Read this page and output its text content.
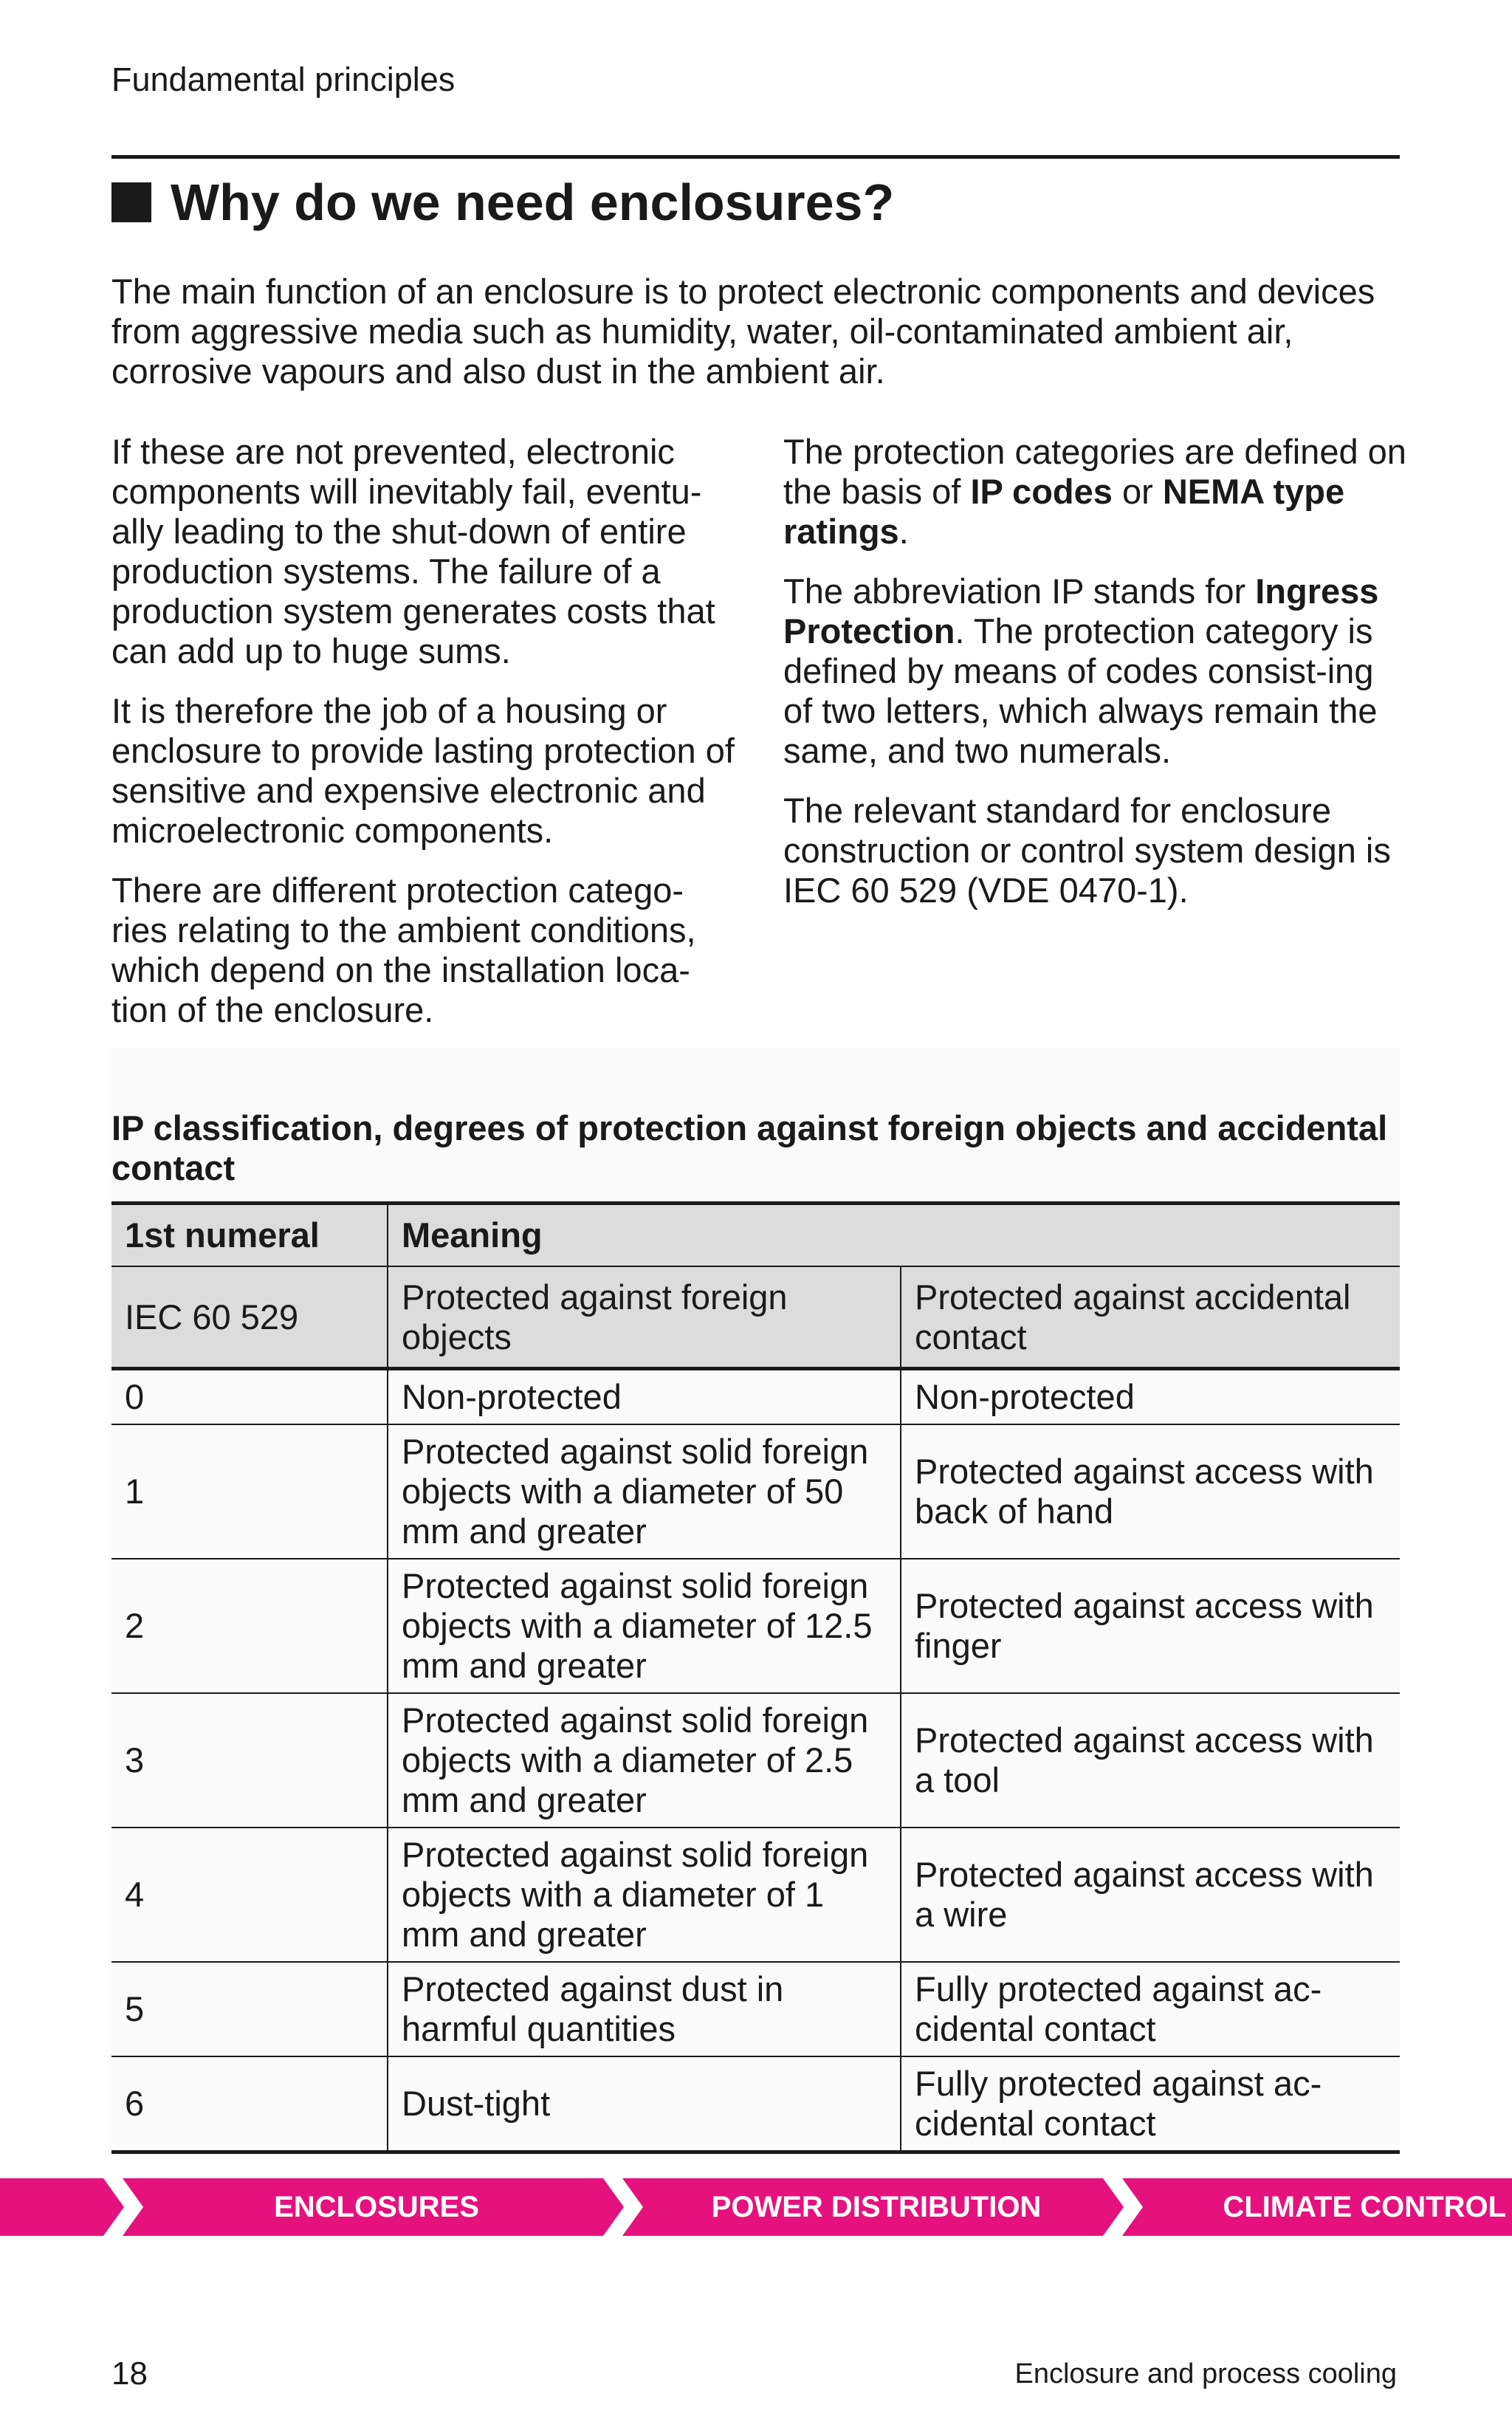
Fundamental principles
Why do we need enclosures?

The main function of an enclosure is to protect electronic components and devices from aggressive media such as humidity, water, oil-contaminated ambient air, corrosive vapours and also dust in the ambient air.

If these are not prevented, electronic components will inevitably fail, eventu-ally leading to the shut-down of entire production systems. The failure of a production system generates costs that can add up to huge sums.

It is therefore the job of a housing or enclosure to provide lasting protection of sensitive and expensive electronic and microelectronic components.

There are different protection catego-ries relating to the ambient conditions, which depend on the installation loca-tion of the enclosure.

The protection categories are defined on the basis of IP codes or NEMA type ratings.

The abbreviation IP stands for Ingress Protection. The protection category is defined by means of codes consist-ing of two letters, which always remain the same, and two numerals.

The relevant standard for enclosure construction or control system design is IEC 60 529 (VDE 0470-1).

IP classification, degrees of protection against foreign objects and accidental contact

1st numeral	Meaning	
IEC 60 529	Protected against foreign objects	Protected against accidental contact
0	Non-protected	Non-protected
1	Protected against solid foreign objects with a diameter of 50 mm and greater	Protected against access with back of hand
2	Protected against solid foreign objects with a diameter of 12.5 mm and greater	Protected against access with finger
3	Protected against solid foreign objects with a diameter of 2.5 mm and greater	Protected against access with a tool
4	Protected against solid foreign objects with a diameter of 1 mm and greater	Protected against access with a wire
5	Protected against dust in harmful quantities	Fully protected against ac-cidental contact
6	Dust-tight	Fully protected against ac-cidental contact
ENCLOSURES	POWER DISTRIBUTION	CLIMATE CONTROL
18	Enclosure and process cooling
